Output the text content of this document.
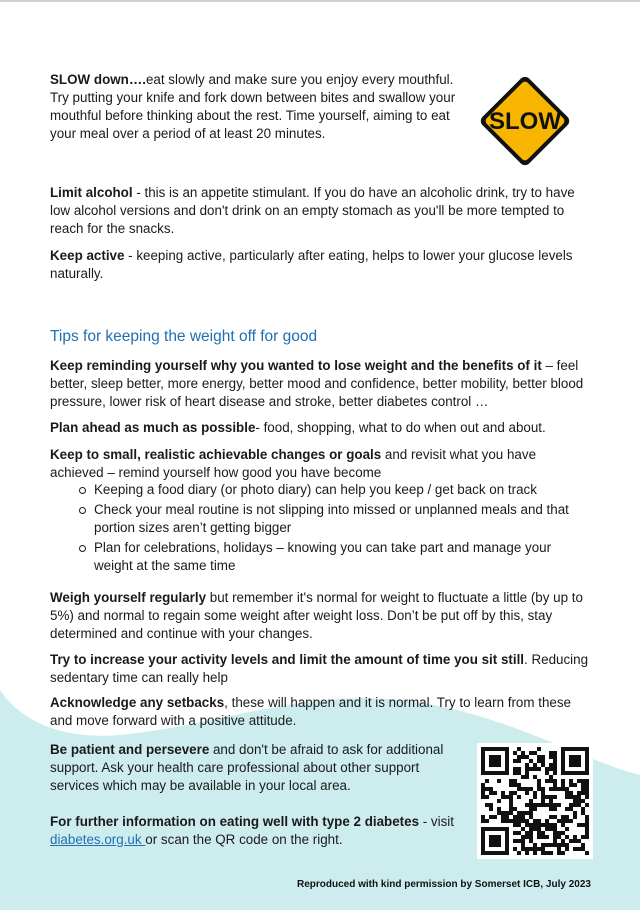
SLOW down….eat slowly and make sure you enjoy every mouthful. Try putting your knife and fork down between bites and swallow your mouthful before thinking about the rest. Time yourself, aiming to eat your meal over a period of at least 20 minutes.	SLOW

Limit alcohol - this is an appetite stimulant. If you do have an alcoholic drink, try to have low alcohol versions and don't drink on an empty stomach as you'll be more tempted to reach for the snacks.

Keep active - keeping active, particularly after eating, helps to lower your glucose levels naturally.

Tips for keeping the weight off for good

Keep reminding yourself why you wanted to lose weight and the benefits of it – feel better, sleep better, more energy, better mood and confidence, better mobility, better blood pressure, lower risk of heart disease and stroke, better diabetes control …

Plan ahead as much as possible- food, shopping, what to do when out and about.

Keep to small, realistic achievable changes or goals and revisit what you have achieved – remind yourself how good you have become

Keeping a food diary (or photo diary) can help you keep / get back on track
Check your meal routine is not slipping into missed or unplanned meals and that portion sizes aren’t getting bigger
Plan for celebrations, holidays – knowing you can take part and manage your weight at the same time

Weigh yourself regularly but remember it's normal for weight to fluctuate a little (by up to 5%) and normal to regain some weight after weight loss. Don’t be put off by this, stay determined and continue with your changes.

Try to increase your activity levels and limit the amount of time you sit still. Reducing sedentary time can really help

Acknowledge any setbacks, these will happen and it is normal. Try to learn from these and move forward with a positive attitude.

Be patient and persevere and don't be afraid to ask for additional support. Ask your health care professional about other support services which may be available in your local area.

For further information on eating well with type 2 diabetes - visit diabetes.org.uk or scan the QR code on the right.

Reproduced with kind permission by Somerset ICB, July 2023
